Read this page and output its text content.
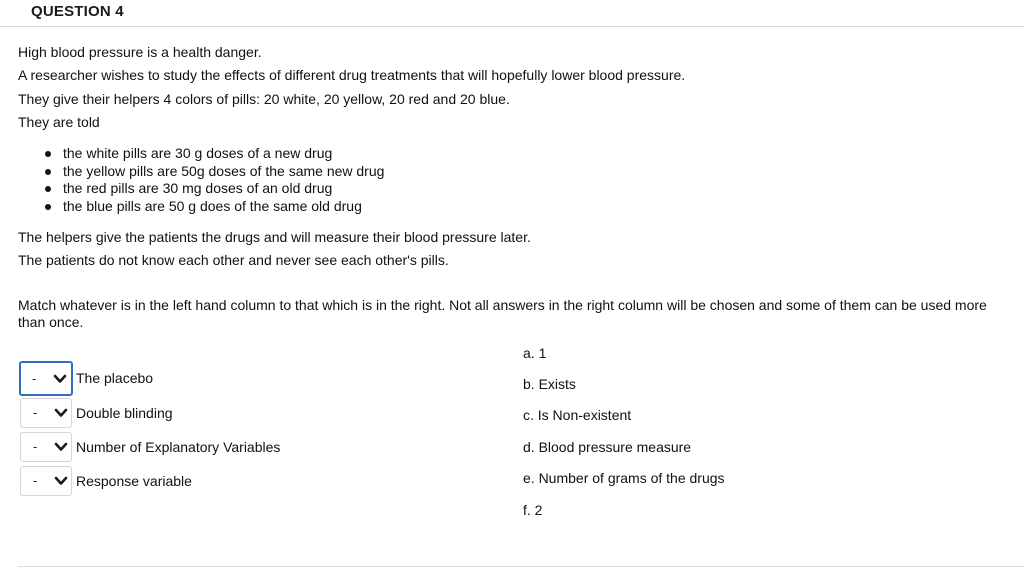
QUESTION 4
High blood pressure is a health danger.
A researcher wishes to study the effects of different drug treatments that will hopefully lower blood pressure.
They give their helpers 4 colors of pills: 20 white, 20 yellow, 20 red and 20 blue.
They are told
the white pills are 30 g doses of a new drug
the yellow pills are 50g doses of the same new drug
the red pills are 30 mg doses of an old drug
the blue pills are 50 g does of the same old drug
The helpers give the patients the drugs and will measure their blood pressure later.
The patients do not know each other and never see each other's pills.
Match whatever is in the left hand column to that which is in the right. Not all answers in the right column will be chosen and some of them can be used more than once.
-	The placebo
-	Double blinding
-	Number of Explanatory Variables
-	Response variable
a. 1
b. Exists
c. Is Non-existent
d. Blood pressure measure
e. Number of grams of the drugs
f. 2
